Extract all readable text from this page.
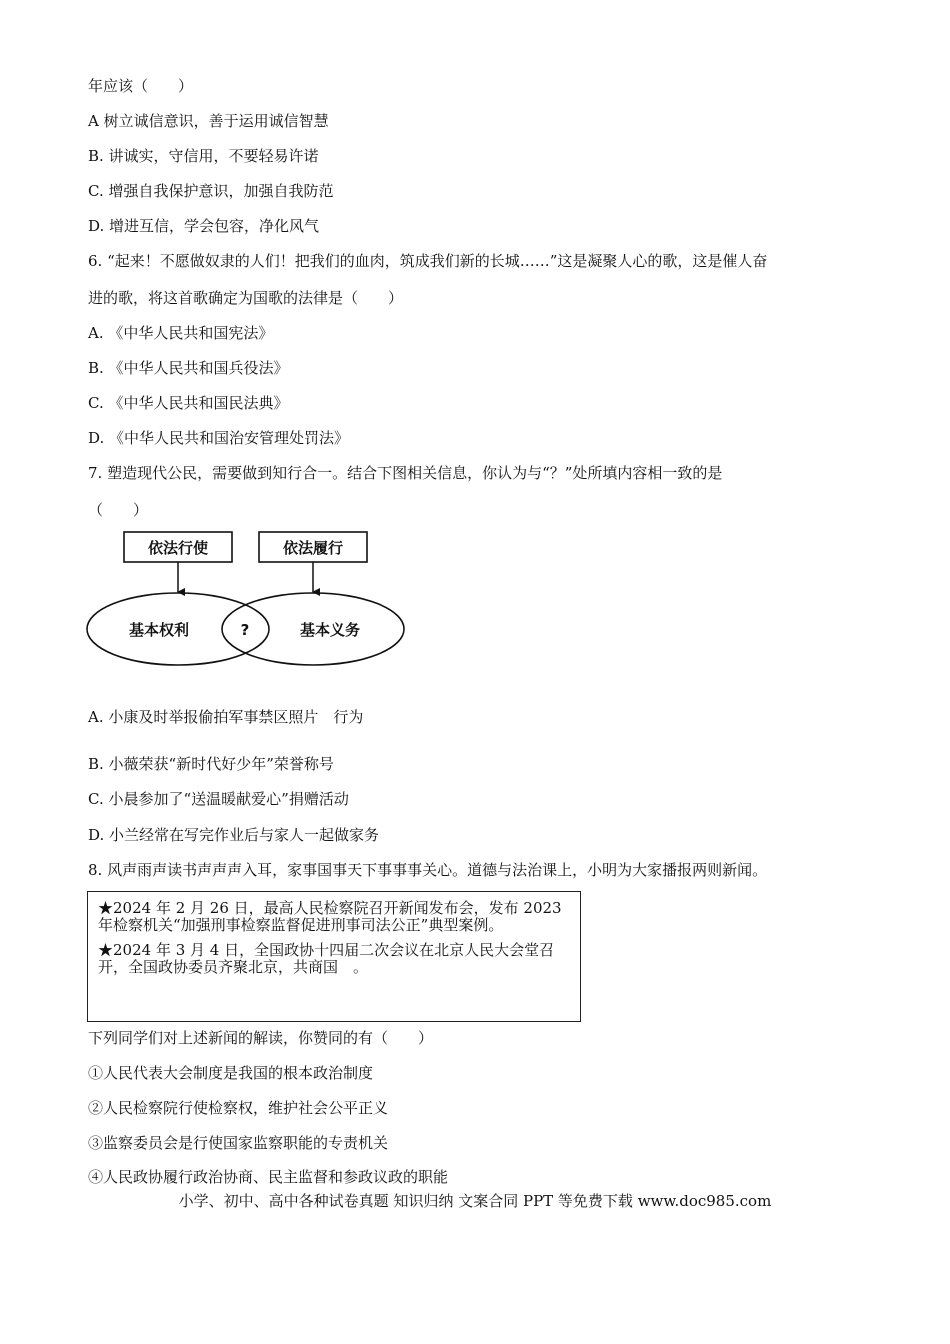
年应该（　　）
A 树立诚信意识，善于运用诚信智慧
B. 讲诚实，守信用，不要轻易许诺
C. 增强自我保护意识，加强自我防范
D. 增进互信，学会包容，净化风气
6. “起来！不愿做奴隶的人们！把我们的血肉，筑成我们新的长城……”这是凝聚人心的歌，这是催人奋
进的歌，将这首歌确定为国歌的法律是（　　）
A. 《中华人民共和国宪法》
B. 《中华人民共和国兵役法》
C. 《中华人民共和国民法典》
D. 《中华人民共和国治安管理处罚法》
7. 塑造现代公民，需要做到知行合一。结合下图相关信息，你认为与“？”处所填内容相一致的是
（　　）
依法行使	依法履行
基本权利	?	基本义务
A. 小康及时举报偷拍军事禁区照片　行为
B. 小薇荣获“新时代好少年”荣誉称号
C. 小晨参加了“送温暖献爱心”捐赠活动
D. 小兰经常在写完作业后与家人一起做家务
8. 风声雨声读书声声声入耳，家事国事天下事事事关心。道德与法治课上，小明为大家播报两则新闻。

★2024 年 2 月 26 日，最高人民检察院召开新闻发布会，发布 2023 年检察机关“加强刑事检察监督促进刑事司法公正”典型案例。

★2024 年 3 月 4 日，全国政协十四届二次会议在北京人民大会堂召开，全国政协委员齐聚北京，共商国　。

下列同学们对上述新闻的解读，你赞同的有（　　）
①人民代表大会制度是我国的根本政治制度
②人民检察院行使检察权，维护社会公平正义
③监察委员会是行使国家监察职能的专责机关
④人民政协履行政治协商、民主监督和参政议政的职能
小学、初中、高中各种试卷真题 知识归纳 文案合同 PPT 等免费下载 www.doc985.com
